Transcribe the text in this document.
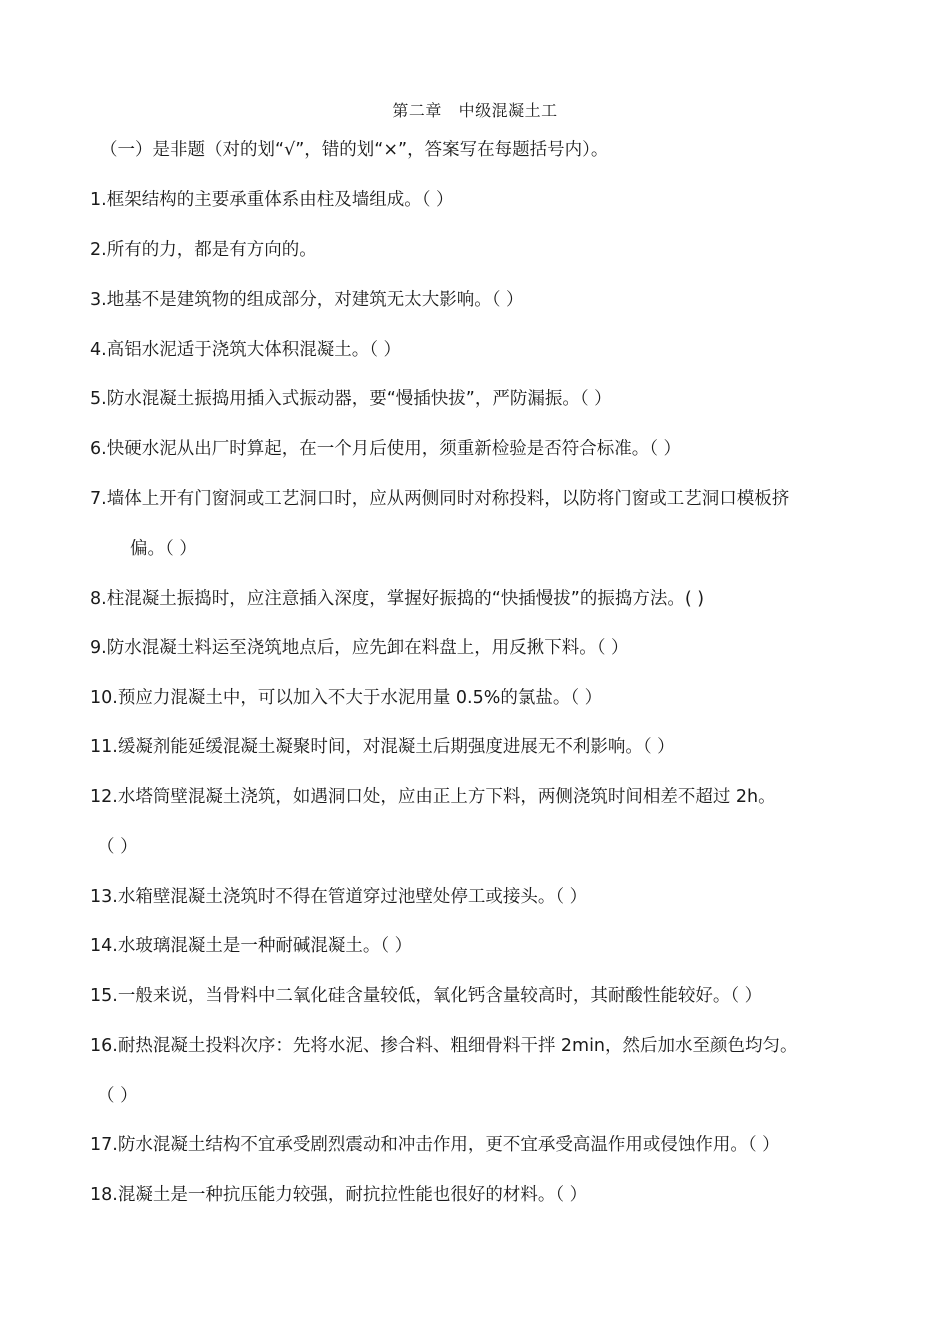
第二章   中级混凝土工
（一）是非题（对的划“√”，错的划“×”，答案写在每题括号内）。
1.框架结构的主要承重体系由柱及墙组成。（ ）
2.所有的力，都是有方向的。
3.地基不是建筑物的组成部分，对建筑无太大影响。（ ）
4.高铝水泥适于浇筑大体积混凝土。（ ）
5.防水混凝土振捣用插入式振动器，要“慢插快拔”，严防漏振。（ ）
6.快硬水泥从出厂时算起，在一个月后使用，须重新检验是否符合标准。（ ）
7.墙体上开有门窗洞或工艺洞口时，应从两侧同时对称投料，以防将门窗或工艺洞口模板挤
偏。（ ）
8.柱混凝土振捣时，应注意插入深度，掌握好振捣的“快插慢拔”的振捣方法。( )
9.防水混凝土料运至浇筑地点后，应先卸在料盘上，用反揪下料。（ ）
10.预应力混凝土中，可以加入不大于水泥用量 0.5%的氯盐。（ ）
11.缓凝剂能延缓混凝土凝聚时间，对混凝土后期强度进展无不利影响。（ ）
12.水塔筒壁混凝土浇筑，如遇洞口处，应由正上方下料，两侧浇筑时间相差不超过 2h。
（ ）
13.水箱壁混凝土浇筑时不得在管道穿过池壁处停工或接头。（ ）
14.水玻璃混凝土是一种耐碱混凝土。（ ）
15.一般来说，当骨料中二氧化硅含量较低，氧化钙含量较高时，其耐酸性能较好。（ ）
16.耐热混凝土投料次序：先将水泥、掺合料、粗细骨料干拌 2min，然后加水至颜色均匀。
（ ）
17.防水混凝土结构不宜承受剧烈震动和冲击作用，更不宜承受高温作用或侵蚀作用。（ ）
18.混凝土是一种抗压能力较强，耐抗拉性能也很好的材料。（ ）
